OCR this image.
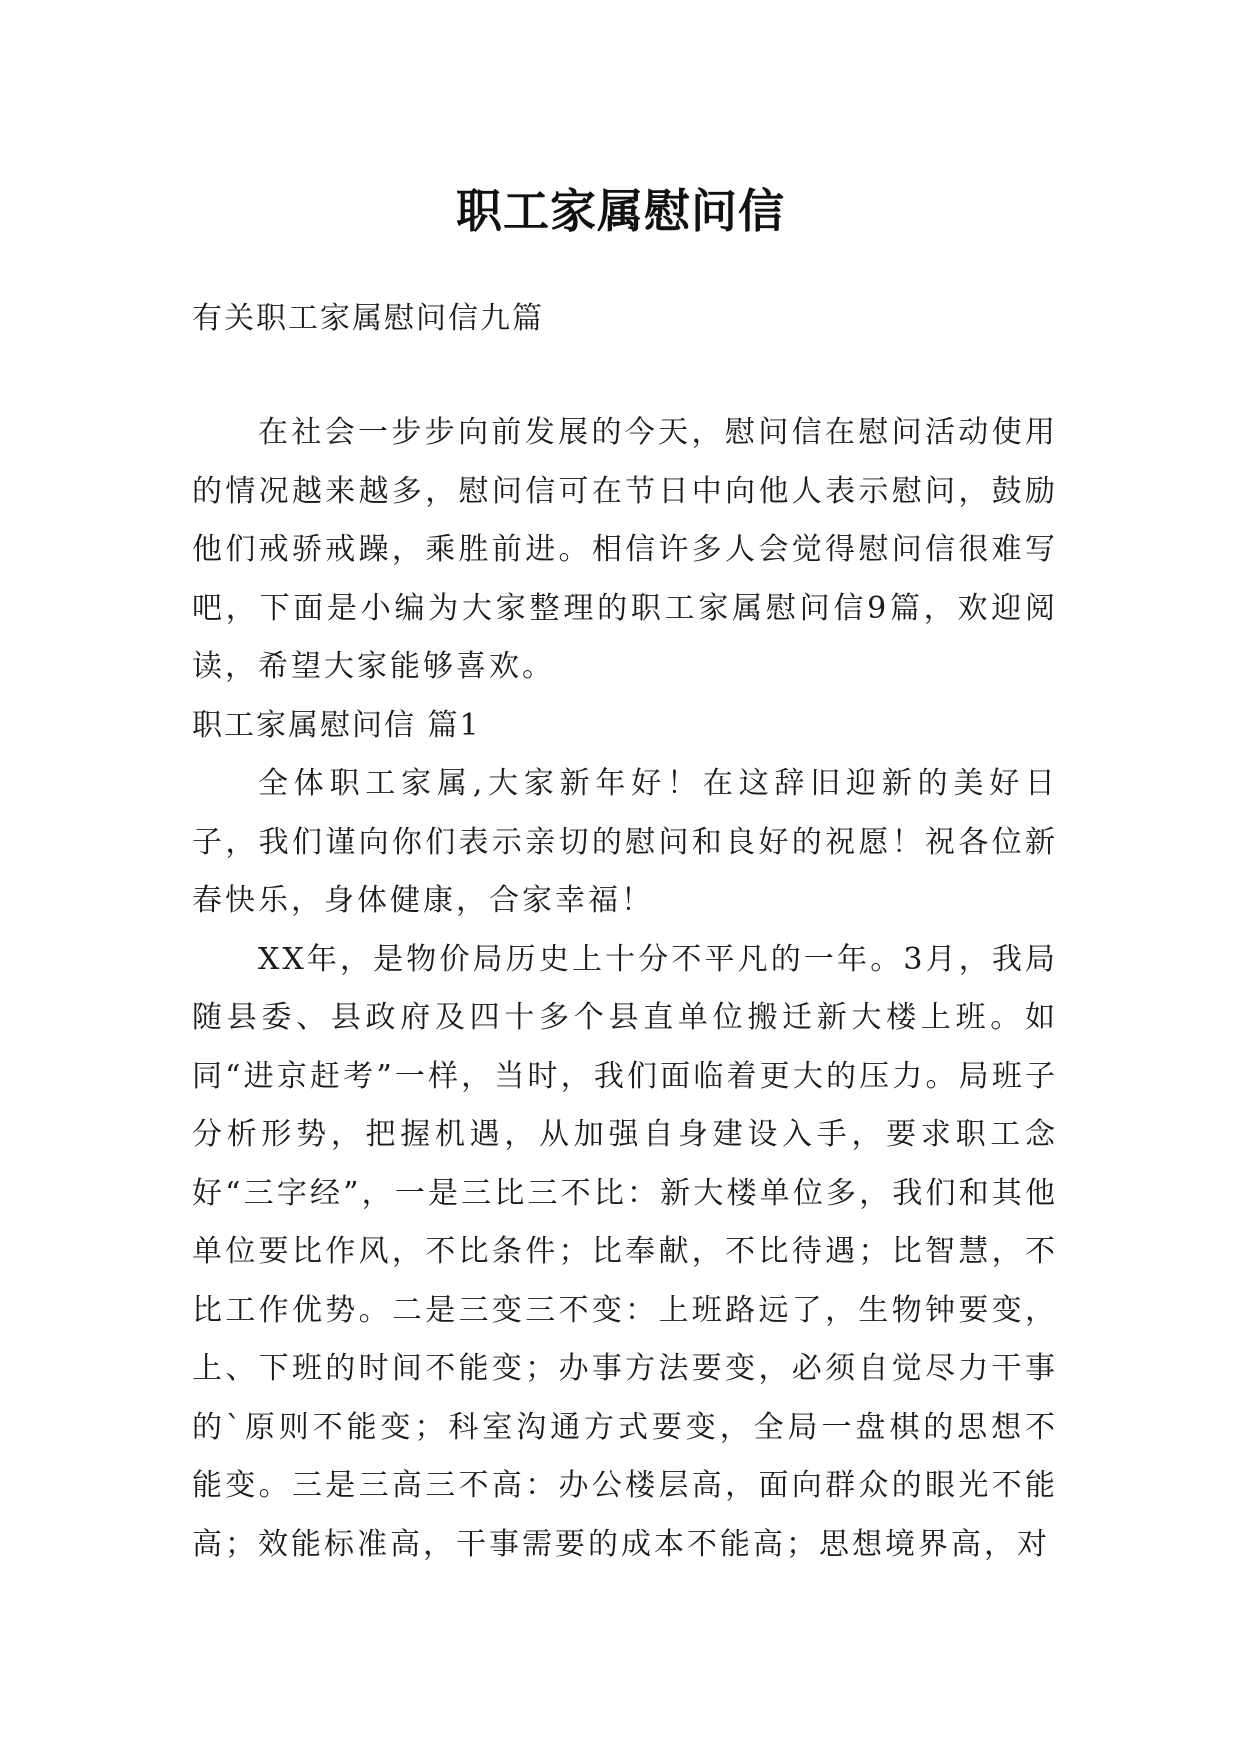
职工家属慰问信

有关职工家属慰问信九篇

在社会一步步向前发展的今天，慰问信在慰问活动使用的情况越来越多，慰问信可在节日中向他人表示慰问，鼓励他们戒骄戒躁，乘胜前进。相信许多人会觉得慰问信很难写吧，下面是小编为大家整理的职工家属慰问信9篇，欢迎阅读，希望大家能够喜欢。

职工家属慰问信 篇1

全体职工家属,大家新年好！在这辞旧迎新的美好日子，我们谨向你们表示亲切的慰问和良好的祝愿！祝各位新春快乐，身体健康，合家幸福！

XX年，是物价局历史上十分不平凡的一年。3月，我局随县委、县政府及四十多个县直单位搬迁新大楼上班。如同“进京赶考”一样，当时，我们面临着更大的压力。局班子分析形势，把握机遇，从加强自身建设入手，要求职工念好“三字经”，一是三比三不比：新大楼单位多，我们和其他单位要比作风，不比条件；比奉献，不比待遇；比智慧，不比工作优势。二是三变三不变：上班路远了，生物钟要变，上、下班的时间不能变；办事方法要变，必须自觉尽力干事的`原则不能变；科室沟通方式要变，全局一盘棋的思想不能变。三是三高三不高：办公楼层高，面向群众的眼光不能高；效能标准高，干事需要的成本不能高；思想境界高，对
